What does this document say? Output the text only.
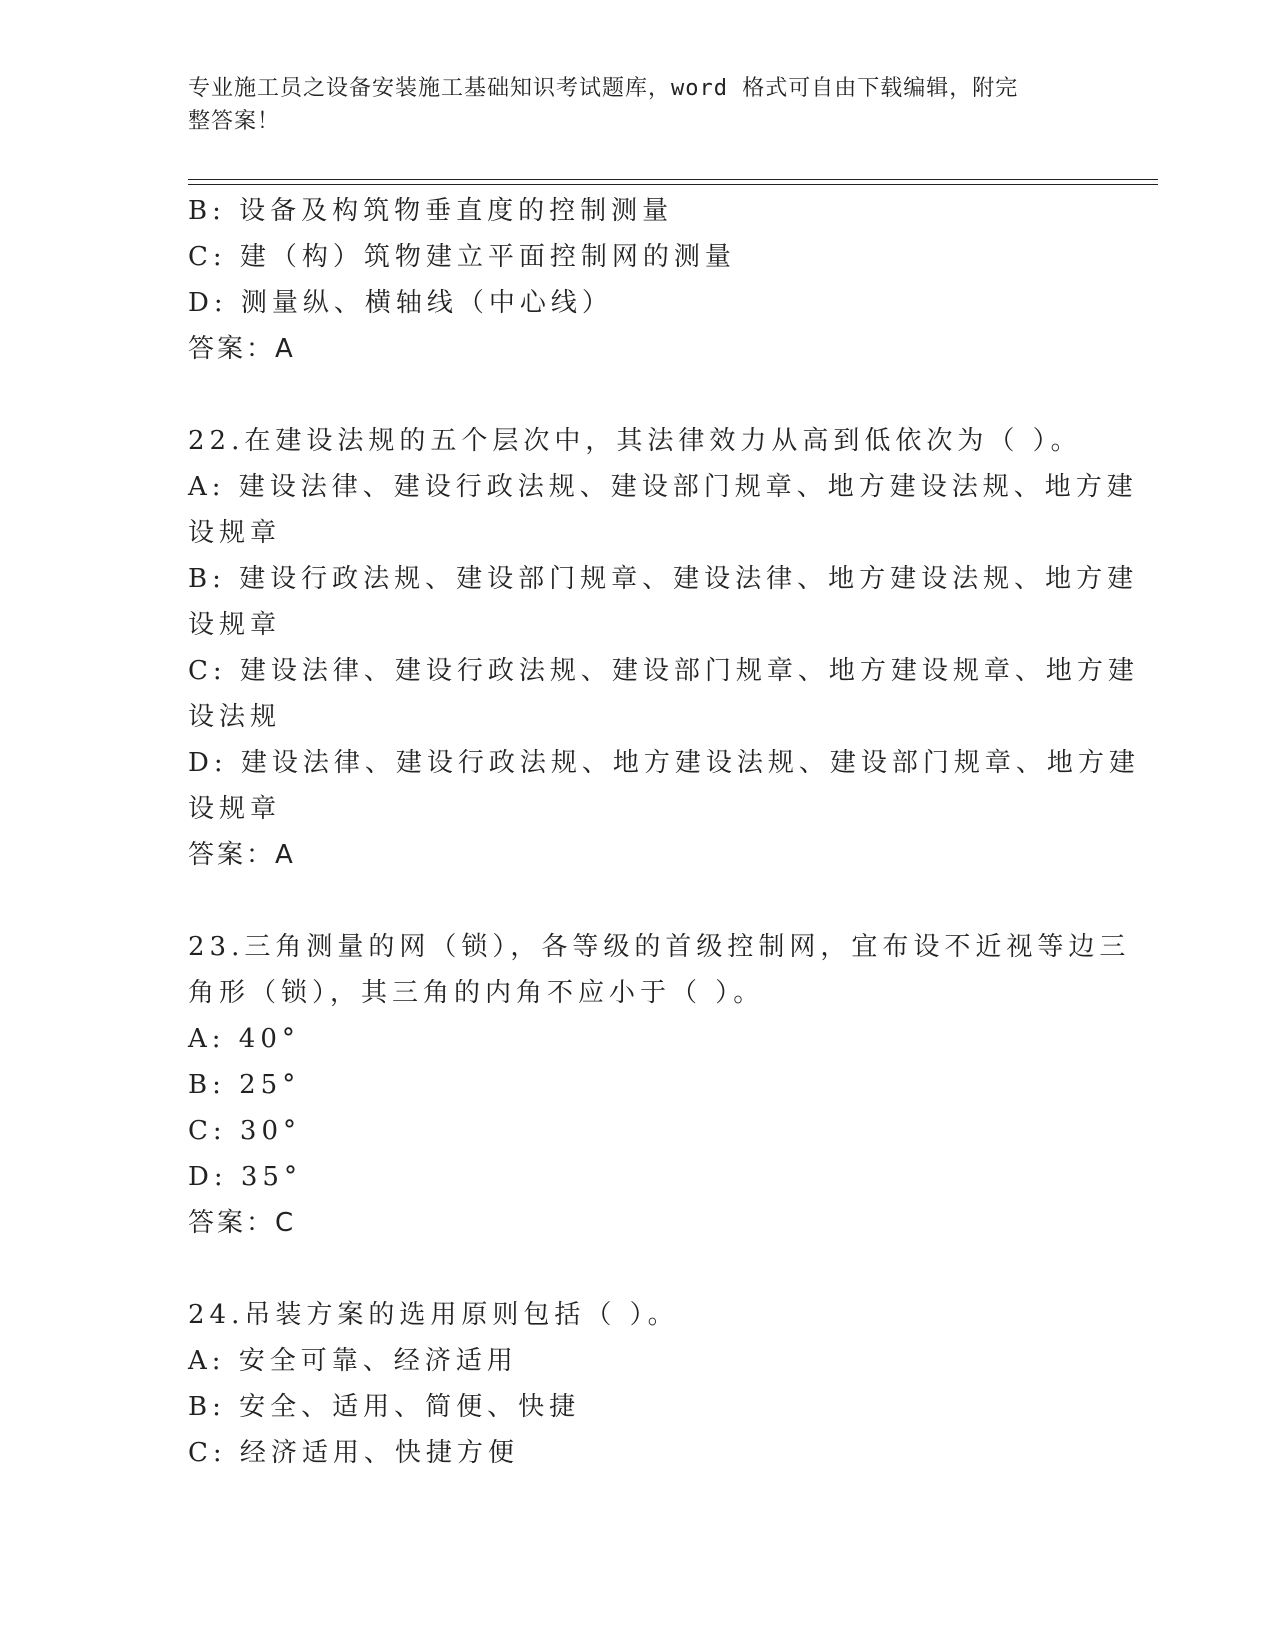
专业施工员之设备安装施工基础知识考试题库，word 格式可自由下载编辑，附完
整答案！
B: 设备及构筑物垂直度的控制测量
C: 建（构）筑物建立平面控制网的测量
D: 测量纵、横轴线（中心线）
答案：A
22.在建设法规的五个层次中，其法律效力从高到低依次为（ ）。
A: 建设法律、建设行政法规、建设部门规章、地方建设法规、地方建
设规章
B: 建设行政法规、建设部门规章、建设法律、地方建设法规、地方建
设规章
C: 建设法律、建设行政法规、建设部门规章、地方建设规章、地方建
设法规
D: 建设法律、建设行政法规、地方建设法规、建设部门规章、地方建
设规章
答案：A
23.三角测量的网（锁），各等级的首级控制网，宜布设不近视等边三
角形（锁），其三角的内角不应小于（ ）。
A: 40°
B: 25°
C: 30°
D: 35°
答案：C
24.吊装方案的选用原则包括（ ）。
A: 安全可靠、经济适用
B: 安全、适用、简便、快捷
C: 经济适用、快捷方便
